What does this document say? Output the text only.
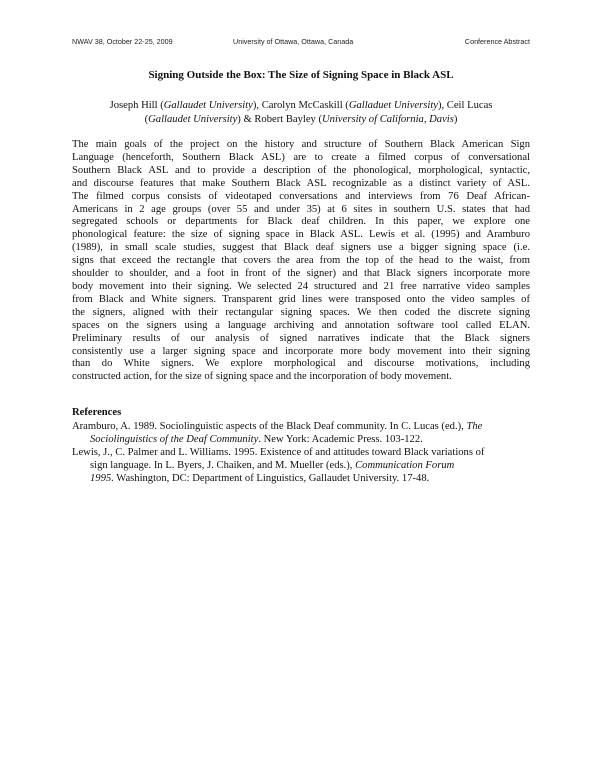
NWAV 38, October 22-25, 2009	University of Ottawa, Ottawa, Canada	Conference Abstract
Signing Outside the Box: The Size of Signing Space in Black ASL
Joseph Hill (Gallaudet University), Carolyn McCaskill (Galladuet University), Ceil Lucas
(Gallaudet University) & Robert Bayley (University of California, Davis)
The main goals of the project on the history and structure of Southern Black American Sign
Language (henceforth, Southern Black ASL) are to create a filmed corpus of conversational
Southern Black ASL and to provide a description of the phonological, morphological, syntactic,
and discourse features that make Southern Black ASL recognizable as a distinct variety of ASL.
The filmed corpus consists of videotaped conversations and interviews from 76 Deaf African-
Americans in 2 age groups (over 55 and under 35) at 6 sites in southern U.S. states that had
segregated schools or departments for Black deaf children. In this paper, we explore one
phonological feature: the size of signing space in Black ASL. Lewis et al. (1995) and Aramburo
(1989), in small scale studies, suggest that Black deaf signers use a bigger signing space (i.e.
signs that exceed the rectangle that covers the area from the top of the head to the waist, from
shoulder to shoulder, and a foot in front of the signer) and that Black signers incorporate more
body movement into their signing. We selected 24 structured and 21 free narrative video samples
from Black and White signers. Transparent grid lines were transposed onto the video samples of
the signers, aligned with their rectangular signing spaces. We then coded the discrete signing
spaces on the signers using a language archiving and annotation software tool called ELAN.
Preliminary results of our analysis of signed narratives indicate that the Black signers
consistently use a larger signing space and incorporate more body movement into their signing
than do White signers. We explore morphological and discourse motivations, including
constructed action, for the size of signing space and the incorporation of body movement.
References
Aramburo, A. 1989. Sociolinguistic aspects of the Black Deaf community. In C. Lucas (ed.), The
Sociolinguistics of the Deaf Community. New York: Academic Press. 103-122.
Lewis, J., C. Palmer and L. Williams. 1995. Existence of and attitudes toward Black variations of
sign language. In L. Byers, J. Chaiken, and M. Mueller (eds.), Communication Forum
1995. Washington, DC: Department of Linguistics, Gallaudet University. 17-48.
